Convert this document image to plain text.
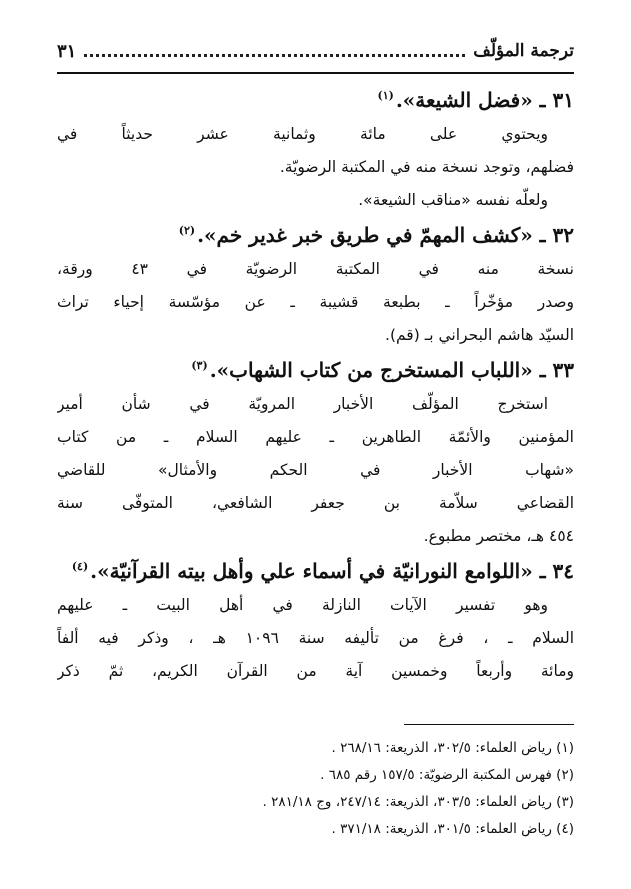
ترجمة المؤلّف
٣١
٣١ ـ «فضل الشيعة».$^{(١)}$
ويحتوي على مائة وثمانية عشر حديثاً في
فضلهم، وتوجد نسخة منه في المكتبة الرضويّة.
ولعلّه نفسه «مناقب الشيعة».
٣٢ ـ «كشف المهمّ في طريق خبر غدير خم».$^{(٢)}$
نسخة منه في المكتبة الرضويّة في ٤٣ ورقة،
وصدر مؤخّراً ـ بطبعة قشيبة ـ عن مؤسّسة إحياء تراث
السيّد هاشم البحراني بـ (قم).
٣٣ ـ «اللباب المستخرج من كتاب الشهاب».$^{(٣)}$
استخرج المؤلّف الأخبار المرويّة في شأن أمير
المؤمنين والأئمّة الطاهرين ـ عليهم السلام ـ من كتاب
«شهاب الأخبار في الحكم والأمثال» للقاضي
القضاعي سلاّمة بن جعفر الشافعي، المتوفّى سنة
٤٥٤ هـ، مختصر مطبوع.
٣٤ ـ «اللوامع النورانيّة في أسماء علي وأهل بيته القرآنيّة».$^{(٤)}$
وهو تفسير الآيات النازلة في أهل البيت ـ عليهم
السلام ـ ، فرغ من تأليفه سنة ١٠٩٦ هـ ، وذكر فيه ألفاً
ومائة وأربعاً وخمسين آية من القرآن الكريم، ثمّ ذكر
(١) رياض العلماء: ٣٠٢/٥، الذريعة: ٢٦٨/١٦ .
(٢) فهرس المكتبة الرضويّة: ١٥٧/٥ رقم ٦٨٥ .
(٣) رياض العلماء: ٣٠٣/٥، الذريعة: ٢٤٧/١٤، وج ٢٨١/١٨ .
(٤) رياض العلماء: ٣٠١/٥، الذريعة: ٣٧١/١٨ .
